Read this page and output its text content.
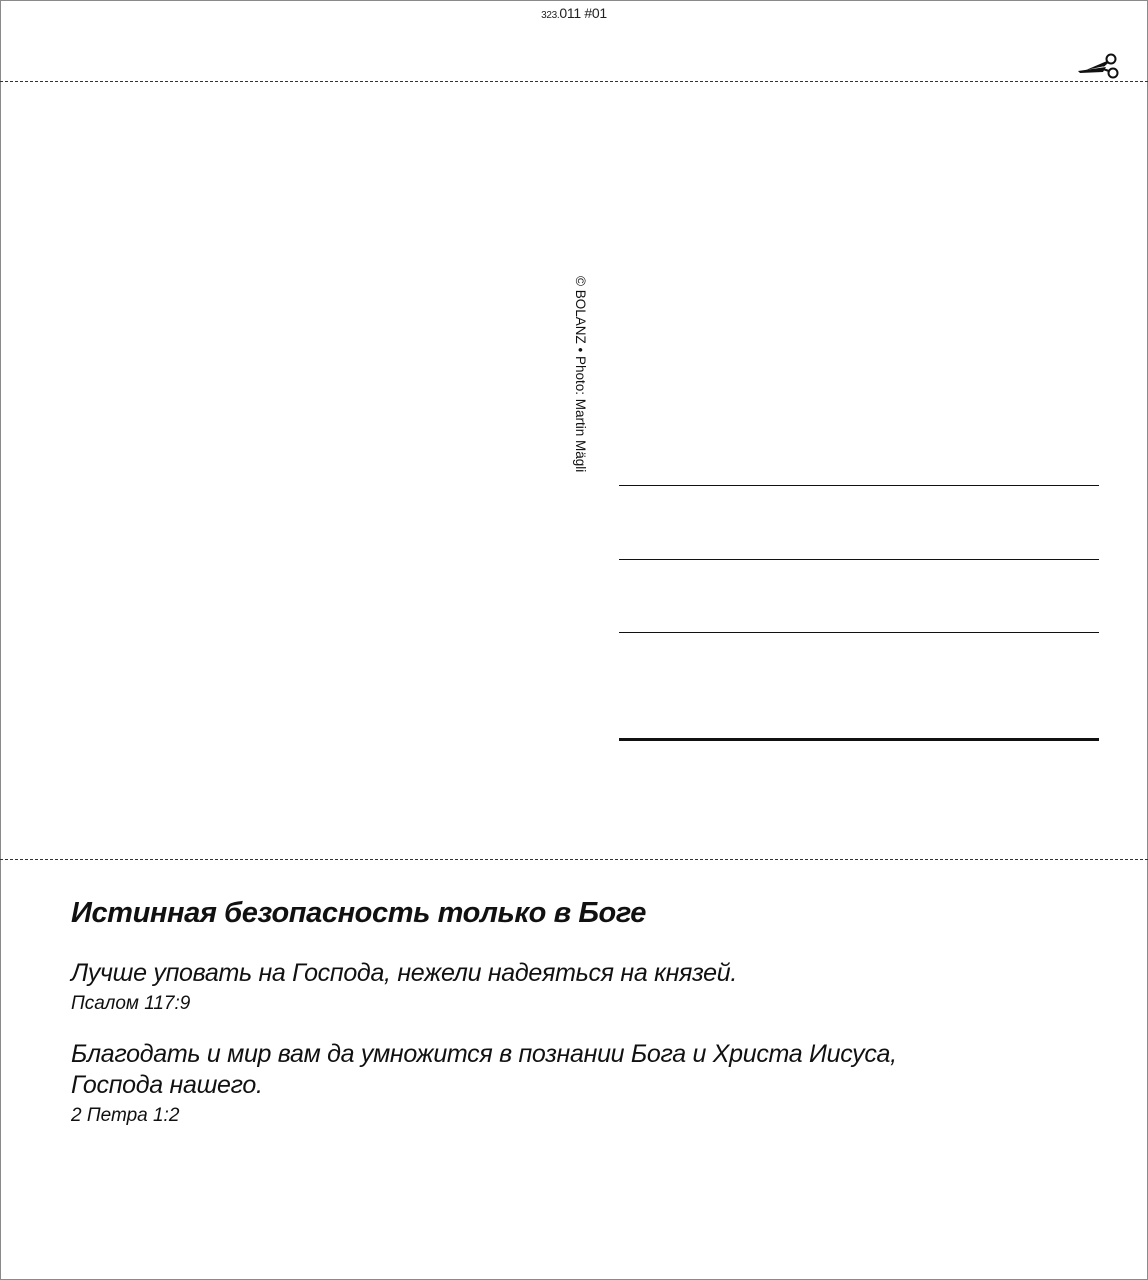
323.011 #01
© BOLANZ • Photo: Martin Mägli
Истинная безопасность только в Боге

Лучше уповать на Господа, нежели надеяться на князей.

Псалом 117:9

Благодать и мир вам да умножится в познании Бога и Христа Иисуса,

Господа нашего.

2 Петра 1:2
